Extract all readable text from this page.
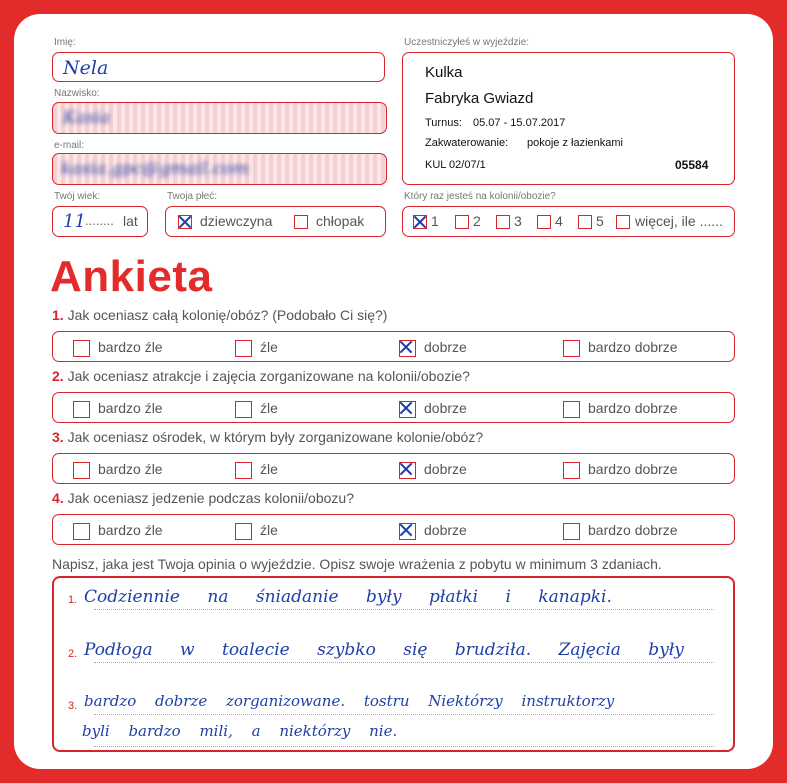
Imię:
Nela
Nazwisko:
Kasia
e-mail:
kasia.gpc@gmail.com
Twój wiek:
11 ........ lat
Twoja płeć:
dziewczyna	chłopak
Uczestniczyłeś w wyjeździe:
Kulka
Fabryka Gwiazd
Turnus: 05.07 - 15.07.2017
Zakwaterowanie: pokoje z łazienkami
KUL 02/07/1	05584
Który raz jesteś na kolonii/obozie?
1 2 3 4 5 więcej, ile ......
Ankieta
1. Jak oceniasz całą kolonię/obóz? (Podobało Ci się?)
bardzo źle	źle	dobrze	bardzo dobrze
2. Jak oceniasz atrakcje i zajęcia zorganizowane na kolonii/obozie?
bardzo źle	źle	dobrze	bardzo dobrze
3. Jak oceniasz ośrodek, w którym były zorganizowane kolonie/obóz?
bardzo źle	źle	dobrze	bardzo dobrze
4. Jak oceniasz jedzenie podczas kolonii/obozu?
bardzo źle	źle	dobrze	bardzo dobrze
Napisz, jaka jest Twoja opinia o wyjeździe. Opisz swoje wrażenia z pobytu w minimum 3 zdaniach.
1. Codziennie na śniadanie były płatki i kanapki.
2. Podłoga w toalecie szybko się brudziła. Zajęcia były
3. bardzo dobrze zorganizowane. tostru Niektórzy instruktorzy
byli bardzo mili, a niektórzy nie.
